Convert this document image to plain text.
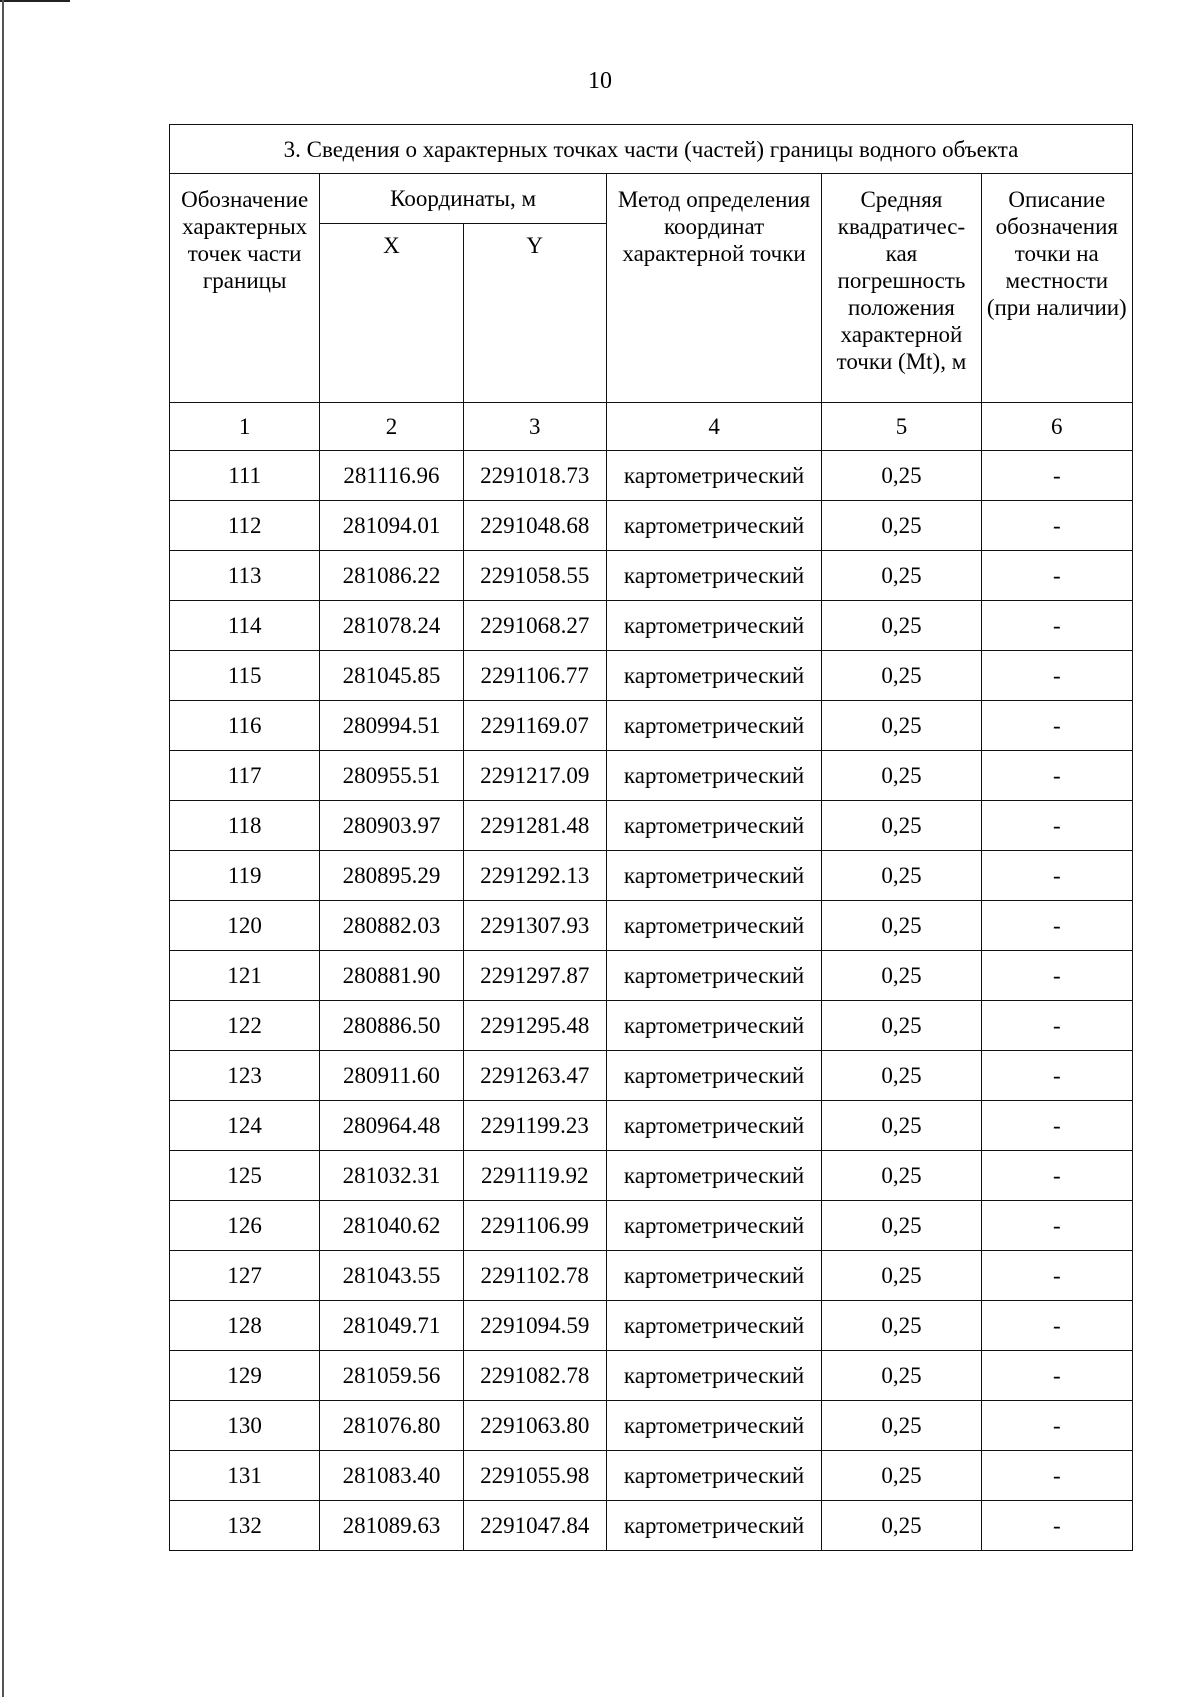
10
3. Сведения о характерных точках части (частей) границы водного объекта					
Обозначение характерных точек части границы	Координаты, м		Метод определения координат характерной точки	Средняя квадратичес-кая погрешность положения характерной точки (Mt), м	Описание обозначения точки на местности (при наличии)
	X	Y			
1	2	3	4	5	6
111	281116.96	2291018.73	картометрический	0,25	-
112	281094.01	2291048.68	картометрический	0,25	-
113	281086.22	2291058.55	картометрический	0,25	-
114	281078.24	2291068.27	картометрический	0,25	-
115	281045.85	2291106.77	картометрический	0,25	-
116	280994.51	2291169.07	картометрический	0,25	-
117	280955.51	2291217.09	картометрический	0,25	-
118	280903.97	2291281.48	картометрический	0,25	-
119	280895.29	2291292.13	картометрический	0,25	-
120	280882.03	2291307.93	картометрический	0,25	-
121	280881.90	2291297.87	картометрический	0,25	-
122	280886.50	2291295.48	картометрический	0,25	-
123	280911.60	2291263.47	картометрический	0,25	-
124	280964.48	2291199.23	картометрический	0,25	-
125	281032.31	2291119.92	картометрический	0,25	-
126	281040.62	2291106.99	картометрический	0,25	-
127	281043.55	2291102.78	картометрический	0,25	-
128	281049.71	2291094.59	картометрический	0,25	-
129	281059.56	2291082.78	картометрический	0,25	-
130	281076.80	2291063.80	картометрический	0,25	-
131	281083.40	2291055.98	картометрический	0,25	-
132	281089.63	2291047.84	картометрический	0,25	-
